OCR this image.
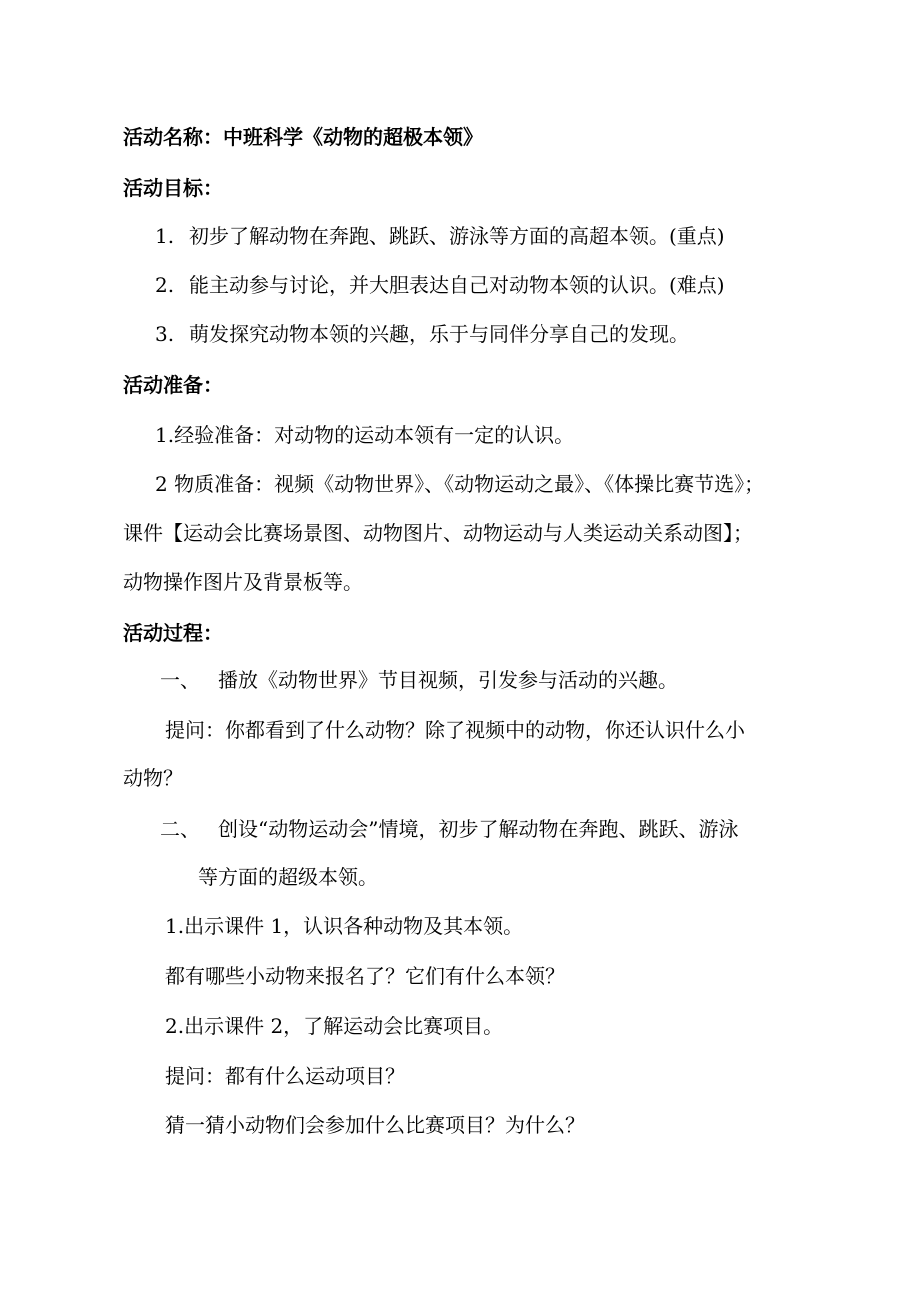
活动名称：中班科学《动物的超极本领》
活动目标：
1. 初步了解动物在奔跑、跳跃、游泳等方面的高超本领。(重点)
2. 能主动参与讨论，并大胆表达自己对动物本领的认识。(难点)
3. 萌发探究动物本领的兴趣，乐于与同伴分享自己的发现。
活动准备：
1.经验准备：对动物的运动本领有一定的认识。
2 物质准备：视频《动物世界》、《动物运动之最》、《体操比赛节选》；
课件【运动会比赛场景图、动物图片、动物运动与人类运动关系动图】；
动物操作图片及背景板等。
活动过程：
一、 播放《动物世界》节目视频，引发参与活动的兴趣。
提问：你都看到了什么动物？除了视频中的动物，你还认识什么小
动物？
二、 创设“动物运动会”情境，初步了解动物在奔跑、跳跃、游泳
等方面的超级本领。
1.出示课件 1，认识各种动物及其本领。
都有哪些小动物来报名了？它们有什么本领？
2.出示课件 2，了解运动会比赛项目。
提问：都有什么运动项目？
猜一猜小动物们会参加什么比赛项目？为什么？
